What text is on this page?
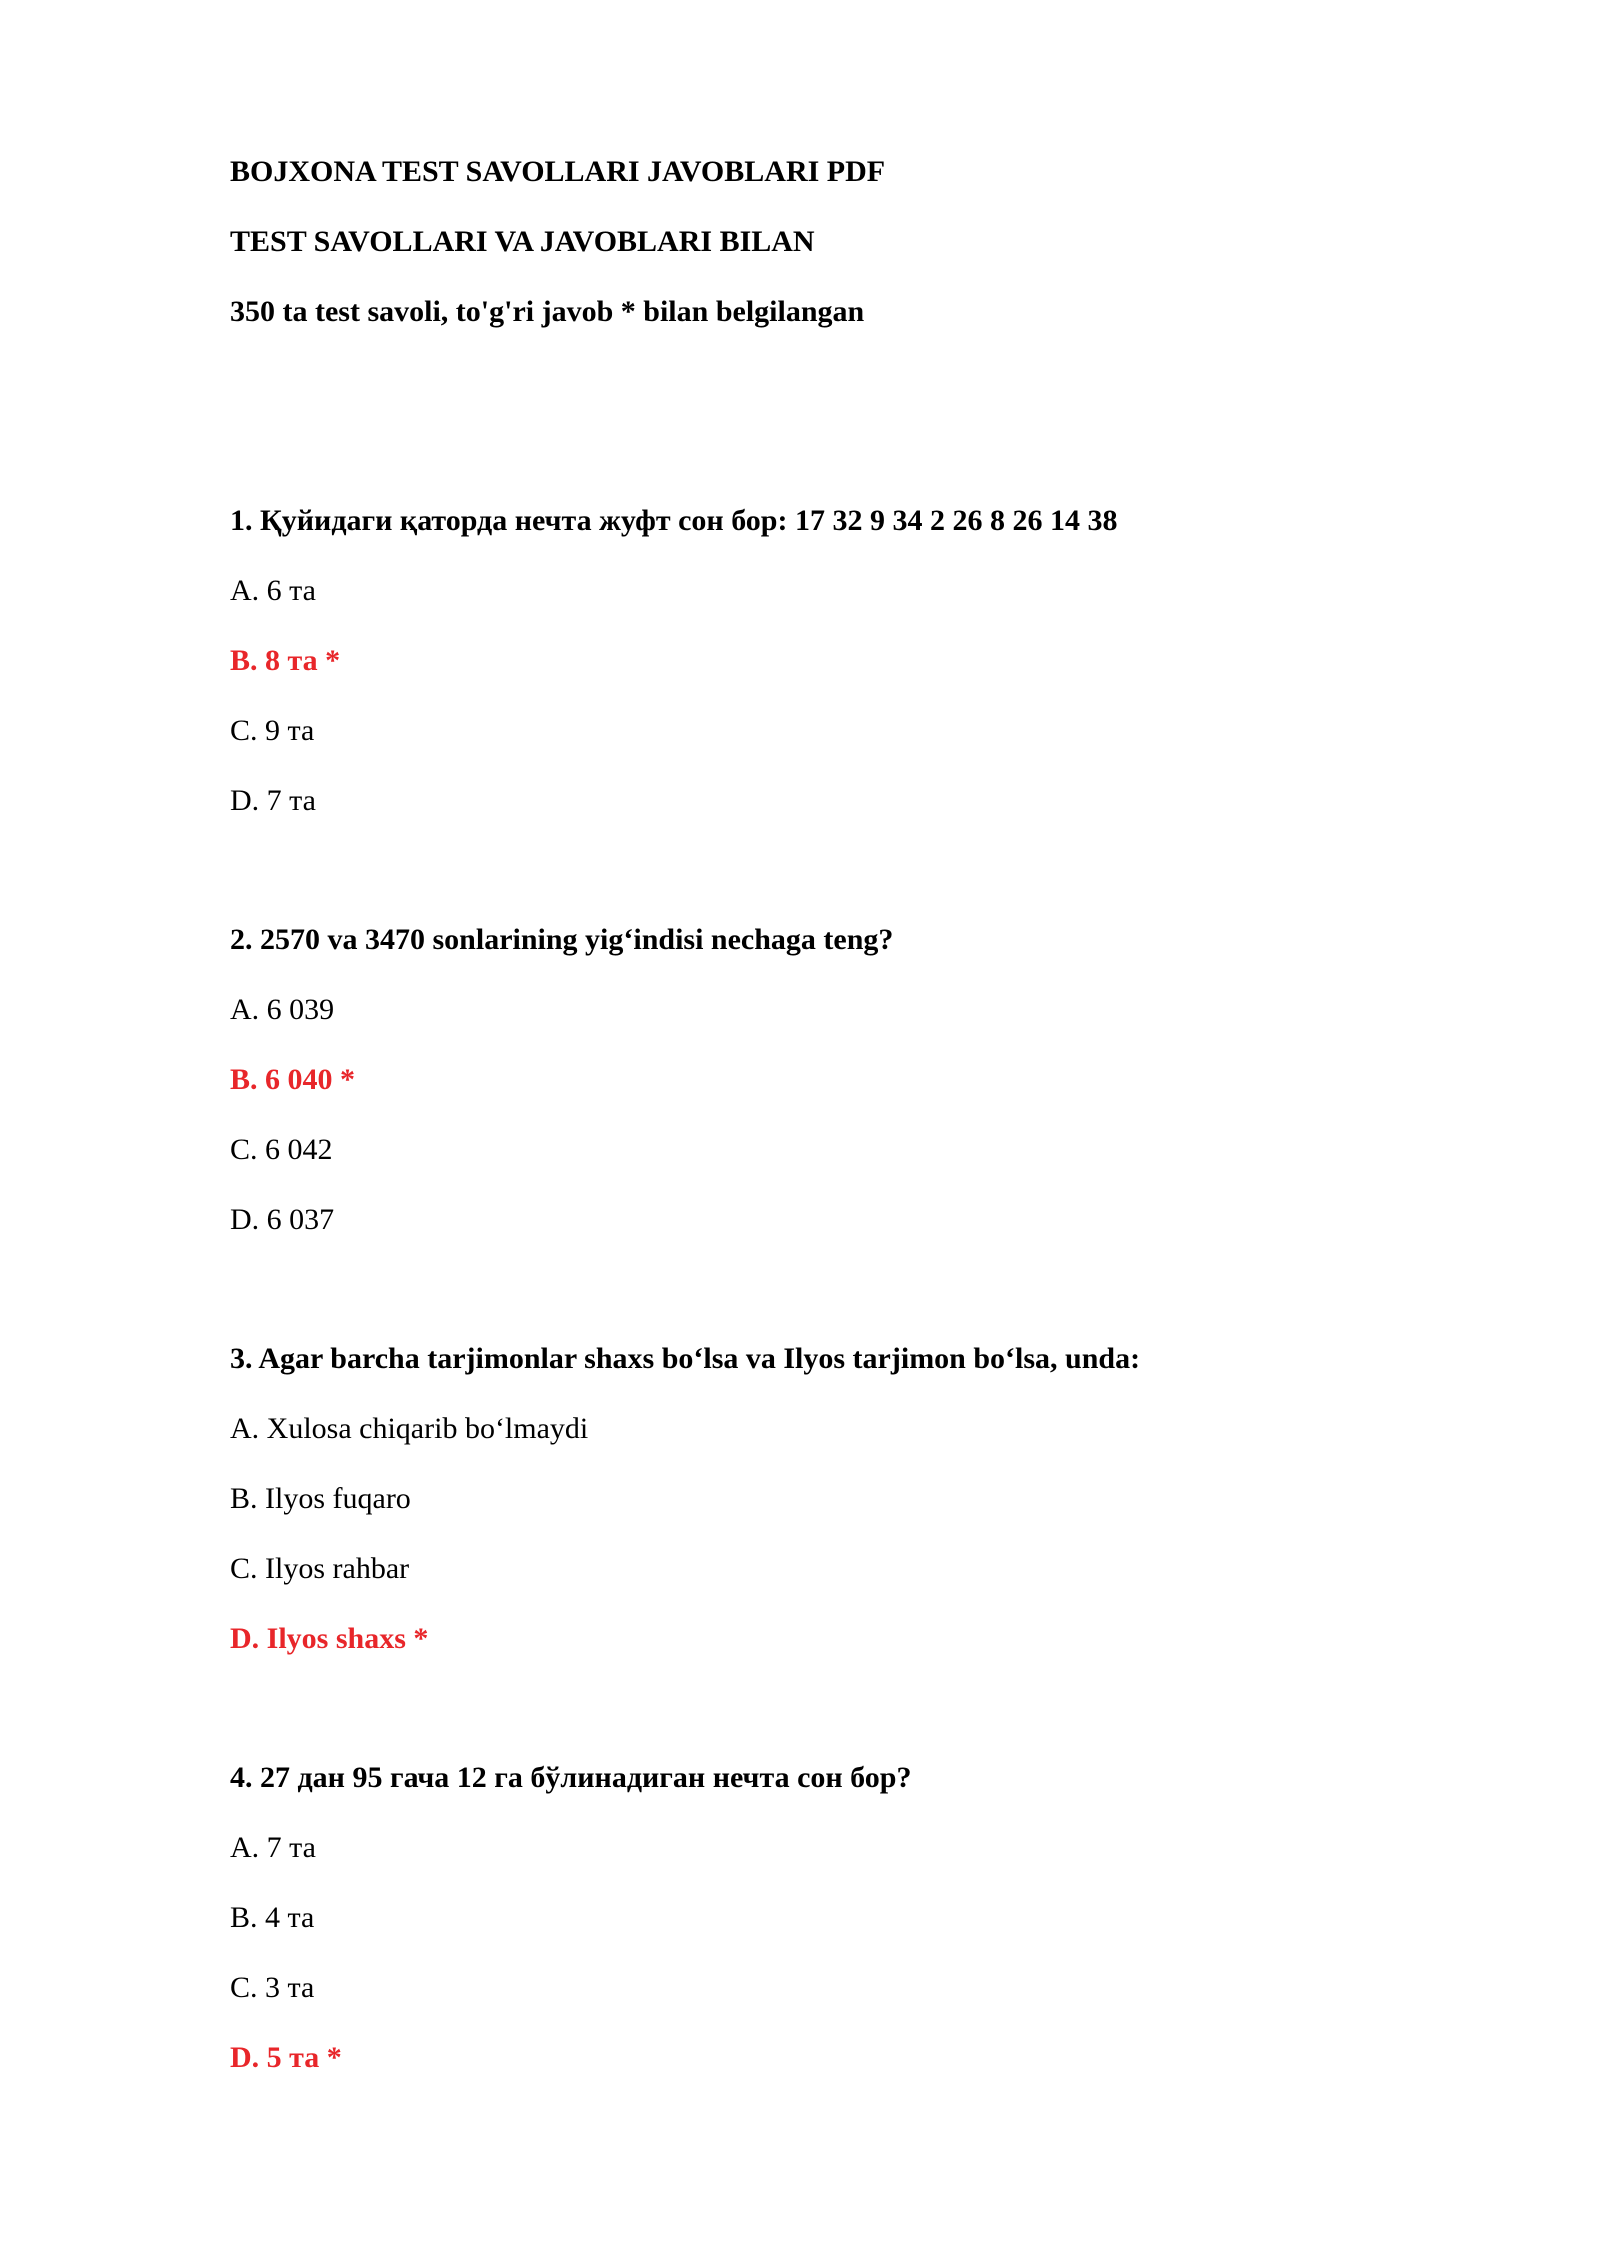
BOJXONA TEST SAVOLLARI JAVOBLARI PDF
TEST SAVOLLARI VA JAVOBLARI BILAN
350 ta test savoli, to'g'ri javob * bilan belgilangan
1. Қуйидаги қаторда нечта жуфт сон бор: 17 32 9 34 2 26 8 26 14 38
A. 6 та
B. 8 та *
C. 9 та
D. 7 та
2. 2570 va 3470 sonlarining yig‘indisi nechaga teng?
A. 6 039
B. 6 040 *
C. 6 042
D. 6 037
3. Agar barcha tarjimonlar shaxs bo‘lsa va Ilyos tarjimon bo‘lsa, unda:
A. Xulosa chiqarib bo‘lmaydi
B. Ilyos fuqaro
C. Ilyos rahbar
D. Ilyos shaxs *
4. 27 дан 95 гача 12 га бўлинадиган нечта сон бор?
A. 7 та
B. 4 та
C. 3 та
D. 5 та *
